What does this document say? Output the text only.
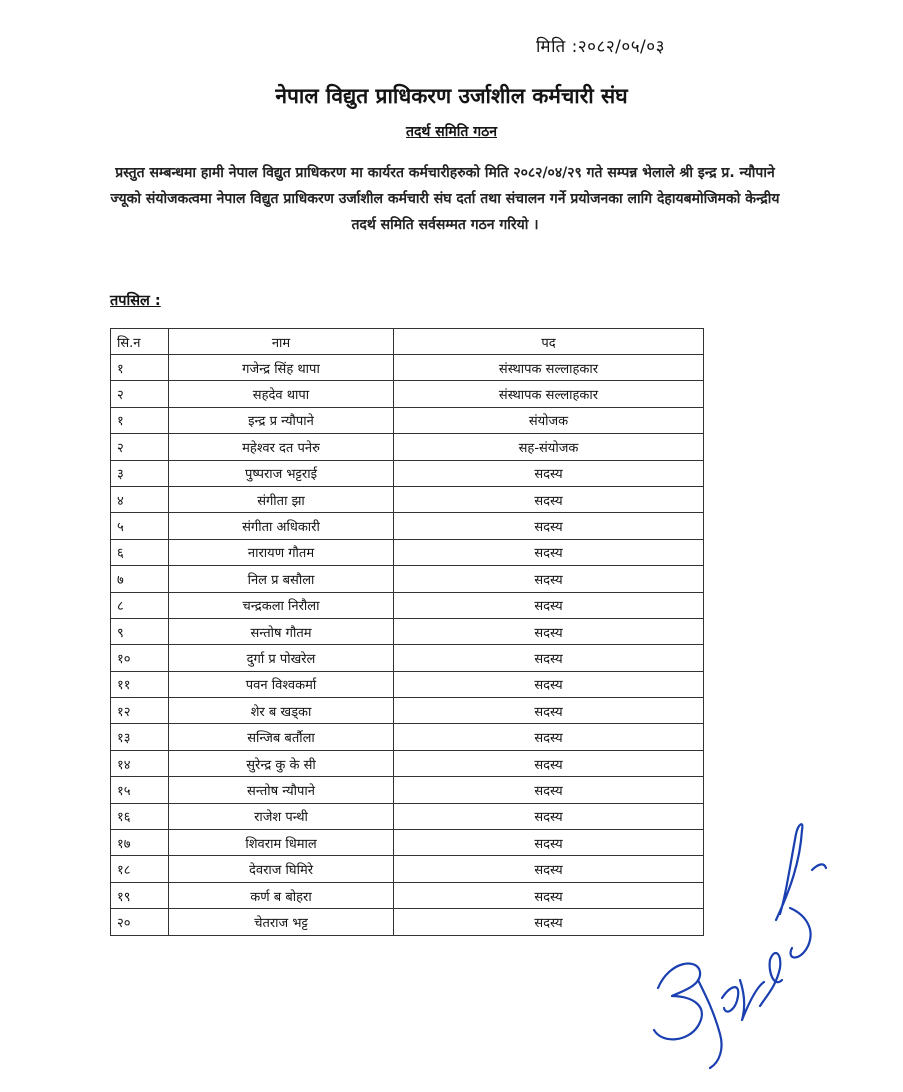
मिति :२०८२/०५/०३
नेपाल विद्युत प्राधिकरण उर्जाशील कर्मचारी संघ
तदर्थ समिति गठन
प्रस्तुत सम्बन्धमा हामी नेपाल विद्युत प्राधिकरण मा कार्यरत कर्मचारीहरुको मिति २०८२/०४/२९ गते सम्पन्न भेलाले श्री इन्द्र प्र. न्यौपाने ज्यूको संयोजकत्वमा नेपाल विद्युत प्राधिकरण उर्जाशील कर्मचारी संघ दर्ता तथा संचालन गर्ने प्रयोजनका लागि देहायबमोजिमको केन्द्रीय तदर्थ समिति सर्वसम्मत गठन गरियो ।
तपसिल :
सि.न	नाम	पद
१	गजेन्द्र सिंह थापा	संस्थापक सल्लाहकार
२	सहदेव थापा	संस्थापक सल्लाहकार
१	इन्द्र प्र न्यौपाने	संयोजक
२	महेश्वर दत पनेरु	सह-संयोजक
३	पुष्पराज भट्टराई	सदस्य
४	संगीता झा	सदस्य
५	संगीता अधिकारी	सदस्य
६	नारायण गौतम	सदस्य
७	निल प्र बसौला	सदस्य
८	चन्द्रकला निरौला	सदस्य
९	सन्तोष गौतम	सदस्य
१०	दुर्गा प्र पोखरेल	सदस्य
११	पवन विश्वकर्मा	सदस्य
१२	शेर ब खड्का	सदस्य
१३	सन्जिब बर्तौला	सदस्य
१४	सुरेन्द्र कु के सी	सदस्य
१५	सन्तोष न्यौपाने	सदस्य
१६	राजेश पन्थी	सदस्य
१७	शिवराम धिमाल	सदस्य
१८	देवराज घिमिरे	सदस्य
१९	कर्ण ब बोहरा	सदस्य
२०	चेतराज भट्ट	सदस्य
